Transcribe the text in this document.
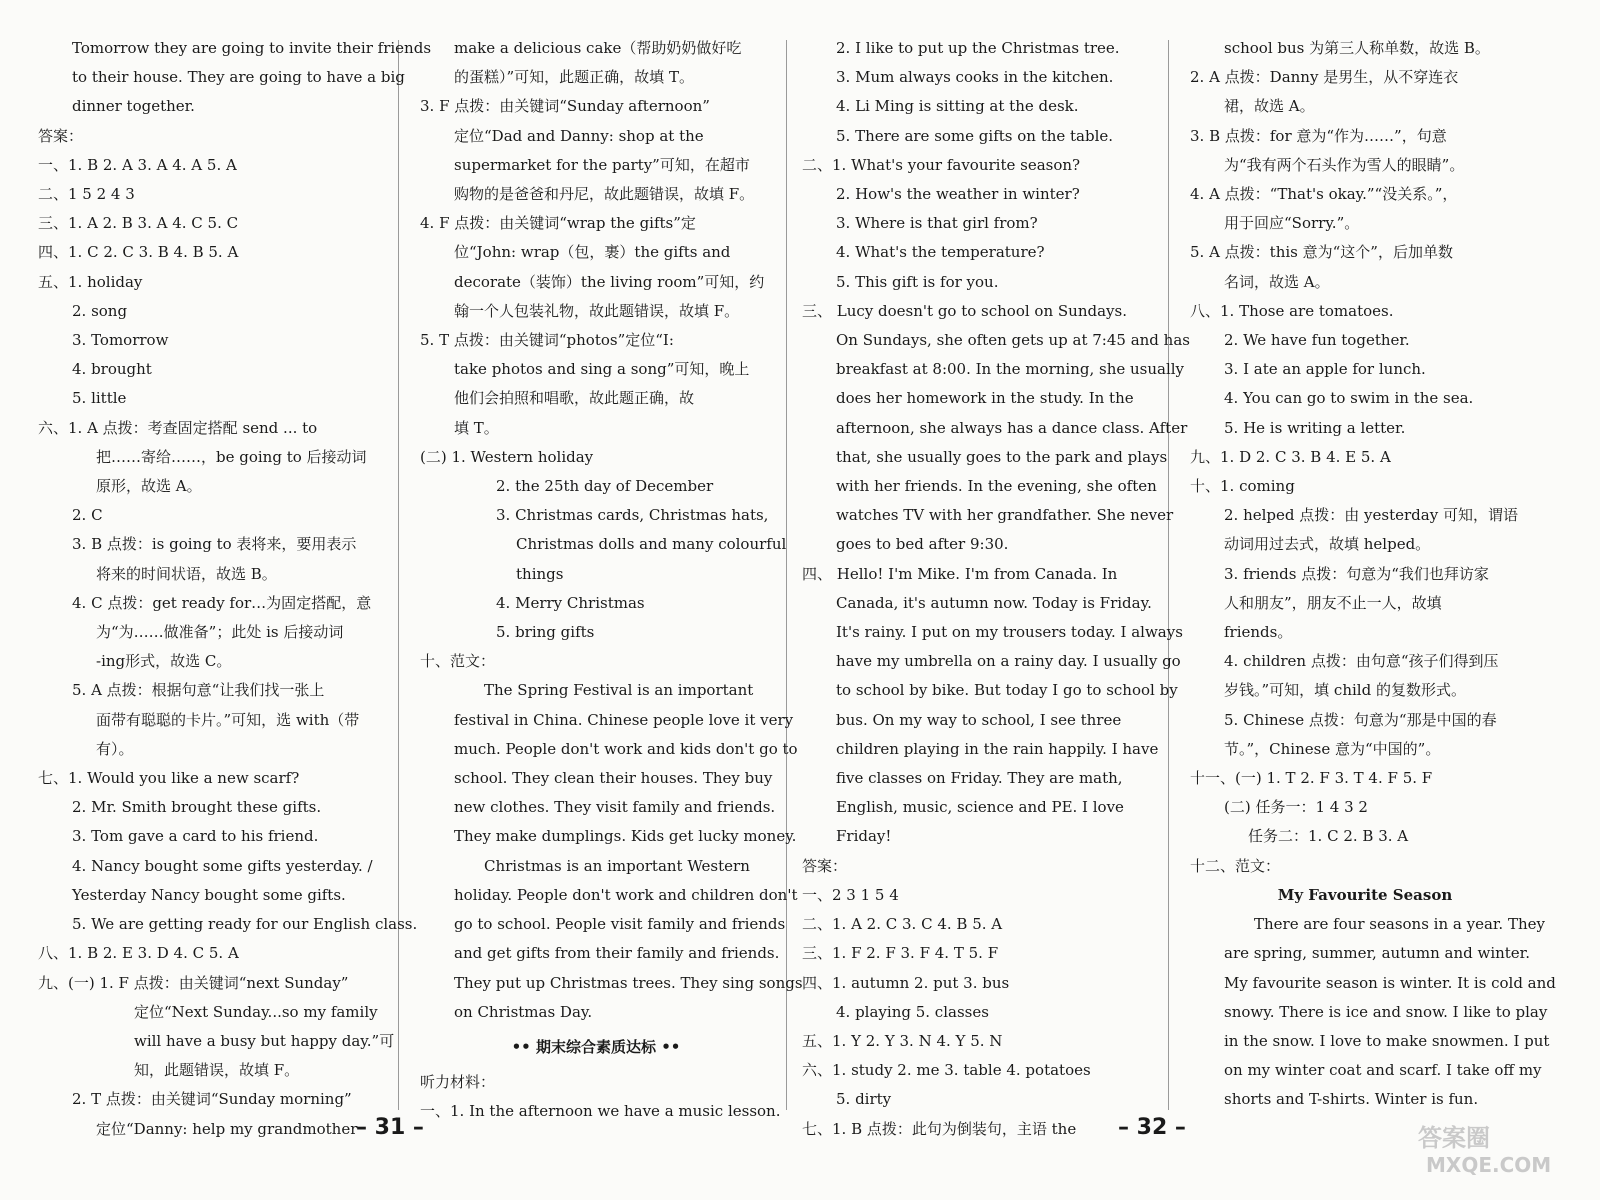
Tomorrow they are going to invite their friends
to their house. They are going to have a big
dinner together.
答案：
一、1. B 2. A 3. A 4. A 5. A
二、1 5 2 4 3
三、1. A 2. B 3. A 4. C 5. C
四、1. C 2. C 3. B 4. B 5. A
五、1. holiday
2. song
3. Tomorrow
4. brought
5. little
六、1. A 点拨：考查固定搭配 send ... to
把……寄给……，be going to 后接动词
原形，故选 A。
2. C
3. B 点拨：is going to 表将来，要用表示
将来的时间状语，故选 B。
4. C 点拨：get ready for…为固定搭配，意
为“为……做准备”；此处 is 后接动词
-ing形式，故选 C。
5. A 点拨：根据句意“让我们找一张上
面带有聪聪的卡片。”可知，选 with（带
有）。
七、1. Would you like a new scarf?
2. Mr. Smith brought these gifts.
3. Tom gave a card to his friend.
4. Nancy bought some gifts yesterday. /
Yesterday Nancy bought some gifts.
5. We are getting ready for our English class.
八、1. B 2. E 3. D 4. C 5. A
九、(一) 1. F 点拨：由关键词“next Sunday”
定位“Next Sunday...so my family
will have a busy but happy day.”可
知，此题错误，故填 F。
2. T 点拨：由关键词“Sunday morning”
定位“Danny: help my grandmother
make a delicious cake（帮助奶奶做好吃
的蛋糕）”可知，此题正确，故填 T。
3. F 点拨：由关键词“Sunday afternoon”
定位“Dad and Danny: shop at the
supermarket for the party”可知，在超市
购物的是爸爸和丹尼，故此题错误，故填 F。
4. F 点拨：由关键词“wrap the gifts”定
位“John: wrap（包，裹）the gifts and
decorate（装饰）the living room”可知，约
翰一个人包装礼物，故此题错误，故填 F。
5. T 点拨：由关键词“photos”定位“I:
take photos and sing a song”可知，晚上
他们会拍照和唱歌，故此题正确，故
填 T。
(二) 1. Western holiday
2. the 25th day of December
3. Christmas cards, Christmas hats,
Christmas dolls and many colourful
things
4. Merry Christmas
5. bring gifts
十、范文：
　　The Spring Festival is an important
festival in China. Chinese people love it very
much. People don't work and kids don't go to
school. They clean their houses. They buy
new clothes. They visit family and friends.
They make dumplings. Kids get lucky money.
　　Christmas is an important Western
holiday. People don't work and children don't
go to school. People visit family and friends
and get gifts from their family and friends.
They put up Christmas trees. They sing songs
on Christmas Day.
•• 期末综合素质达标 ••
听力材料：
一、1. In the afternoon we have a music lesson.
2. I like to put up the Christmas tree.
3. Mum always cooks in the kitchen.
4. Li Ming is sitting at the desk.
5. There are some gifts on the table.
二、1. What's your favourite season?
2. How's the weather in winter?
3. Where is that girl from?
4. What's the temperature?
5. This gift is for you.
三、 Lucy doesn't go to school on Sundays.
On Sundays, she often gets up at 7:45 and has
breakfast at 8:00. In the morning, she usually
does her homework in the study. In the
afternoon, she always has a dance class. After
that, she usually goes to the park and plays
with her friends. In the evening, she often
watches TV with her grandfather. She never
goes to bed after 9:30.
四、 Hello! I'm Mike. I'm from Canada. In
Canada, it's autumn now. Today is Friday.
It's rainy. I put on my trousers today. I always
have my umbrella on a rainy day. I usually go
to school by bike. But today I go to school by
bus. On my way to school, I see three
children playing in the rain happily. I have
five classes on Friday. They are math,
English, music, science and PE. I love
Friday!
答案：
一、2 3 1 5 4
二、1. A 2. C 3. C 4. B 5. A
三、1. F 2. F 3. F 4. T 5. F
四、1. autumn 2. put 3. bus
4. playing 5. classes
五、1. Y 2. Y 3. N 4. Y 5. N
六、1. study 2. me 3. table 4. potatoes
5. dirty
七、1. B 点拨：此句为倒装句，主语 the
school bus 为第三人称单数，故选 B。
2. A 点拨：Danny 是男生，从不穿连衣
裙，故选 A。
3. B 点拨：for 意为“作为……”，句意
为“我有两个石头作为雪人的眼睛”。
4. A 点拨：“That's okay.”“没关系。”，
用于回应“Sorry.”。
5. A 点拨：this 意为“这个”，后加单数
名词，故选 A。
八、1. Those are tomatoes.
2. We have fun together.
3. I ate an apple for lunch.
4. You can go to swim in the sea.
5. He is writing a letter.
九、1. D 2. C 3. B 4. E 5. A
十、1. coming
2. helped 点拨：由 yesterday 可知，谓语
动词用过去式，故填 helped。
3. friends 点拨：句意为“我们也拜访家
人和朋友”，朋友不止一人，故填
friends。
4. children 点拨：由句意“孩子们得到压
岁钱。”可知，填 child 的复数形式。
5. Chinese 点拨：句意为“那是中国的春
节。”，Chinese 意为“中国的”。
十一、(一) 1. T 2. F 3. T 4. F 5. F
(二) 任务一：1 4 3 2
任务二：1. C 2. B 3. A
十二、范文：
My Favourite Season
　　There are four seasons in a year. They
are spring, summer, autumn and winter.
My favourite season is winter. It is cold and
snowy. There is ice and snow. I like to play
in the snow. I love to make snowmen. I put
on my winter coat and scarf. I take off my
shorts and T-shirts. Winter is fun.
– 31 –	– 32 –	答案圈
MXQE.COM
